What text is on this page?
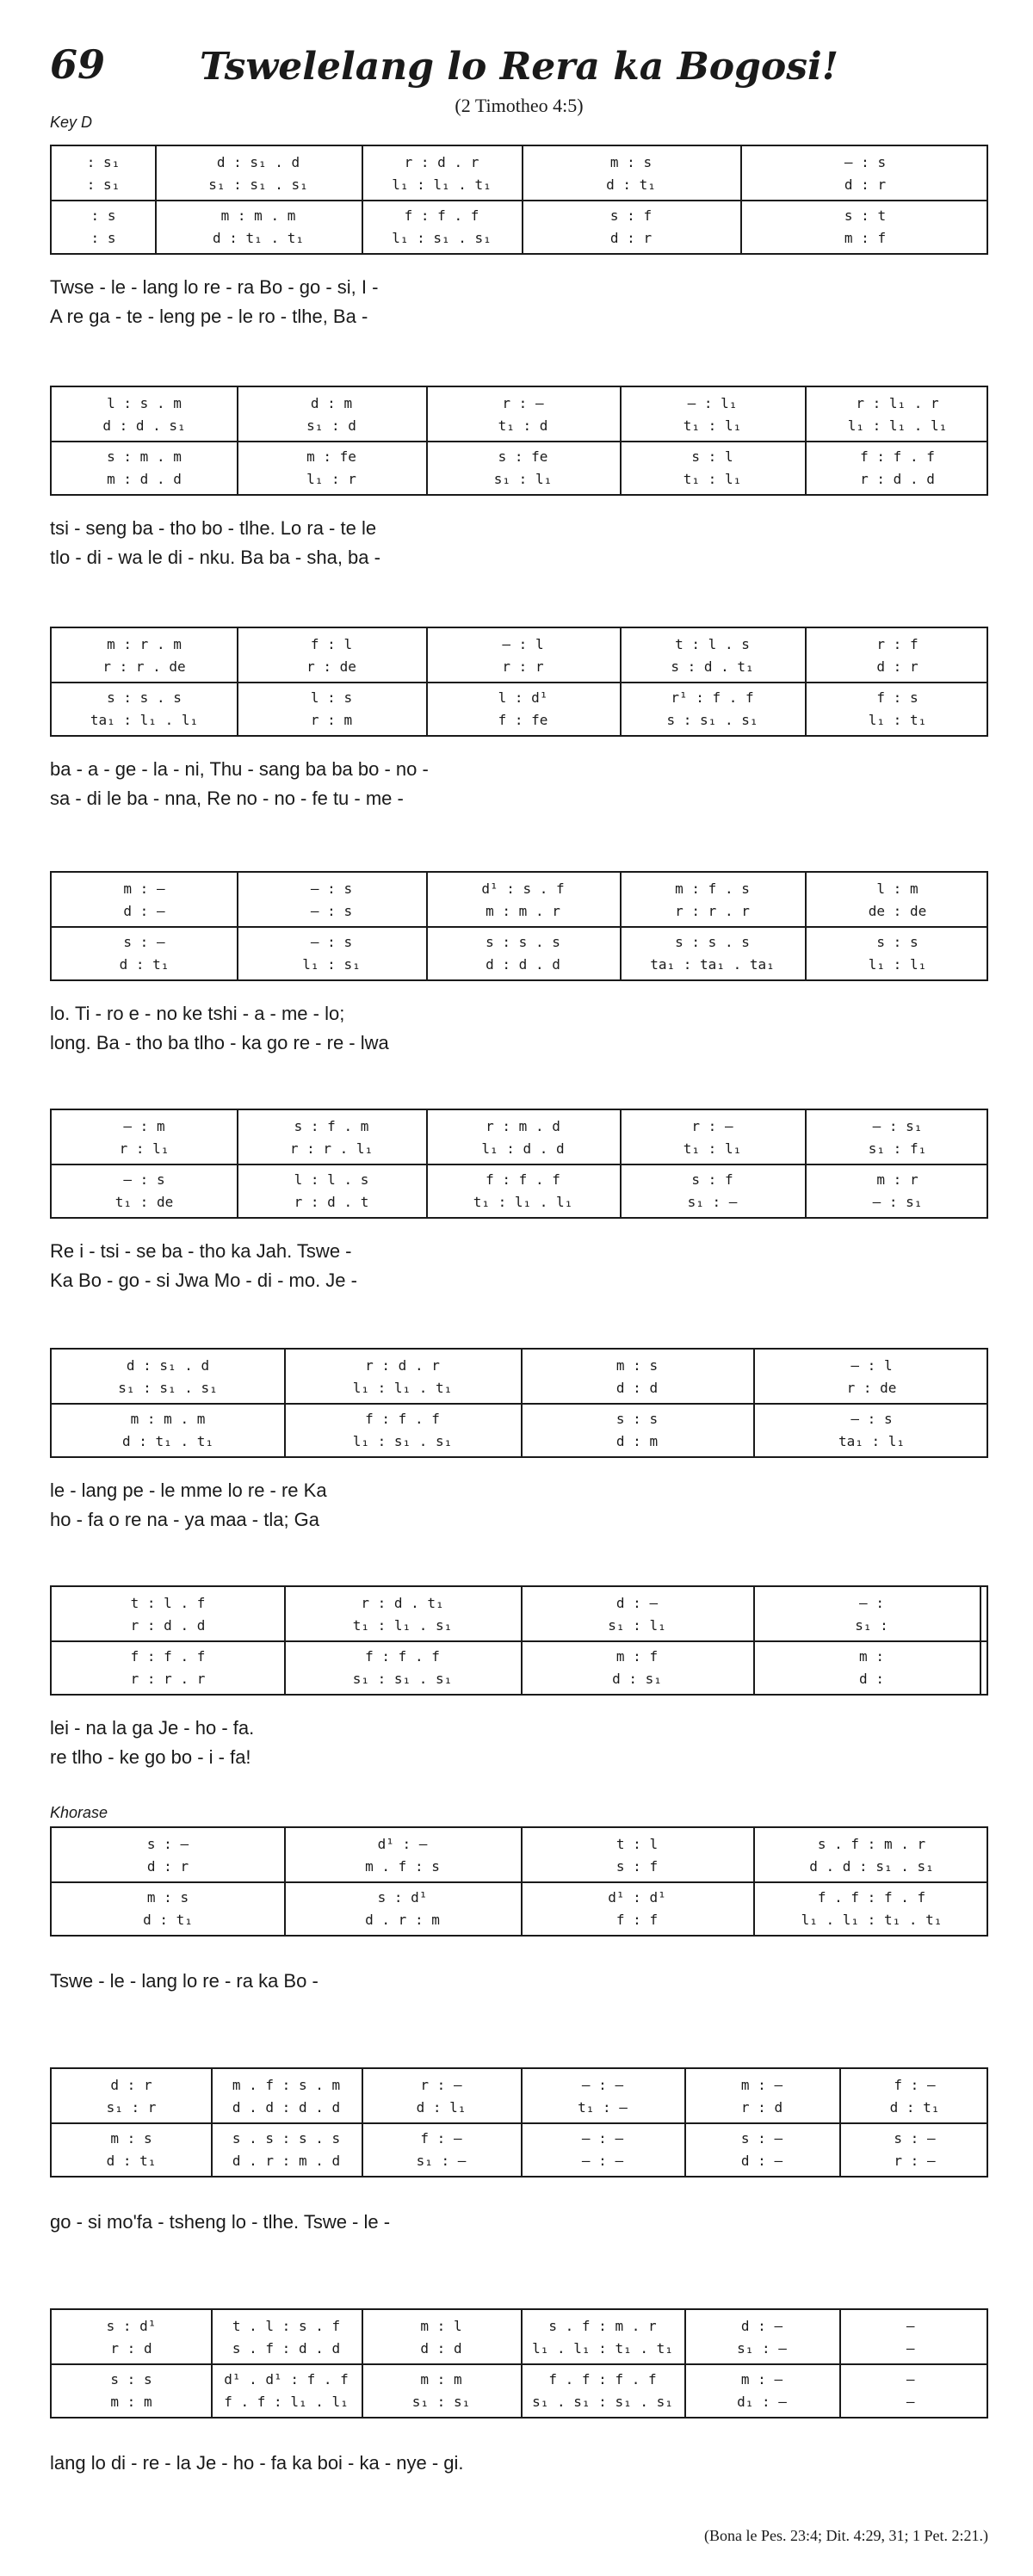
69	Tswelelang lo Rera ka Bogosi!
(2 Timotheo 4:5)
Key D
Khorase
: s₁	d : s₁ . d	r : d . r	m : s	— : s
: s₁	s₁ : s₁ . s₁	l₁ : l₁ . t₁	d : t₁	d : r
: s	m : m . m	f : f . f	s : f	s : t
: s	d : t₁ . t₁	l₁ : s₁ . s₁	d : r	m : f
Twse - le - lang lo re - ra Bo - go - si, I -
A re ga - te - leng pe - le ro - tlhe, Ba -
l : s . m	d : m	r : —	— : l₁	r : l₁ . r
d : d . s₁	s₁ : d	t₁ : d	t₁ : l₁	l₁ : l₁ . l₁
s : m . m	m : fe	s : fe	s : l	f : f . f
m : d . d	l₁ : r	s₁ : l₁	t₁ : l₁	r : d . d
tsi - seng ba - tho bo - tlhe. Lo ra - te le
tlo - di - wa le di - nku. Ba ba - sha, ba -
m : r . m	f : l	— : l	t : l . s	r : f
r : r . de	r : de	r : r	s : d . t₁	d : r
s : s . s	l : s	l : d¹	r¹ : f . f	f : s
ta₁ : l₁ . l₁	r : m	f : fe	s : s₁ . s₁	l₁ : t₁
ba - a - ge - la - ni, Thu - sang ba ba bo - no -
sa - di le ba - nna, Re no - no - fe tu - me -
m : —	— : s	d¹ : s . f	m : f . s	l : m
d : —	— : s	m : m . r	r : r . r	de : de
s : —	— : s	s : s . s	s : s . s	s : s
d : t₁	l₁ : s₁	d : d . d	ta₁ : ta₁ . ta₁	l₁ : l₁
lo. Ti - ro e - no ke tshi - a - me - lo;
long. Ba - tho ba tlho - ka go re - re - lwa
— : m	s : f . m	r : m . d	r : —	— : s₁
r : l₁	r : r . l₁	l₁ : d . d	t₁ : l₁	s₁ : f₁
— : s	l : l . s	f : f . f	s : f	m : r
t₁ : de	r : d . t	t₁ : l₁ . l₁	s₁ : —	— : s₁
Re i - tsi - se ba - tho ka Jah. Tswe -
Ka Bo - go - si Jwa Mo - di - mo. Je -
d : s₁ . d	r : d . r	m : s	— : l
s₁ : s₁ . s₁	l₁ : l₁ . t₁	d : d	r : de
m : m . m	f : f . f	s : s	— : s
d : t₁ . t₁	l₁ : s₁ . s₁	d : m	ta₁ : l₁
le - lang pe - le mme lo re - re Ka
ho - fa o re na - ya maa - tla; Ga
t : l . f	r : d . t₁	d : —	— :
r : d . d	t₁ : l₁ . s₁	s₁ : l₁	s₁ :
f : f . f	f : f . f	m : f	m :
r : r . r	s₁ : s₁ . s₁	d : s₁	d :
lei - na la ga Je - ho - fa.
re tlho - ke go bo - i - fa!
s : —	d¹ : —	t : l	s . f : m . r
d : r	m . f : s	s : f	d . d : s₁ . s₁
m : s	s : d¹	d¹ : d¹	f . f : f . f
d : t₁	d . r : m	f : f	l₁ . l₁ : t₁ . t₁
Tswe - le - lang lo re - ra ka Bo -
d : r	m . f : s . m	r : —	— : —	m : —	f : —
s₁ : r	d . d : d . d	d : l₁	t₁ : —	r : d	d : t₁
m : s	s . s : s . s	f : —	— : —	s : —	s : —
d : t₁	d . r : m . d	s₁ : —	— : —	d : —	r : —
go - si mo'fa - tsheng lo - tlhe. Tswe - le -
s : d¹	t . l : s . f	m : l	s . f : m . r	d : —	—
r : d	s . f : d . d	d : d	l₁ . l₁ : t₁ . t₁	s₁ : —	—
s : s	d¹ . d¹ : f . f	m : m	f . f : f . f	m : —	—
m : m	f . f : l₁ . l₁	s₁ : s₁	s₁ . s₁ : s₁ . s₁	d₁ : —	—
lang lo di - re - la Je - ho - fa ka boi - ka - nye - gi.
(Bona le Pes. 23:4; Dit. 4:29, 31; 1 Pet. 2:21.)
